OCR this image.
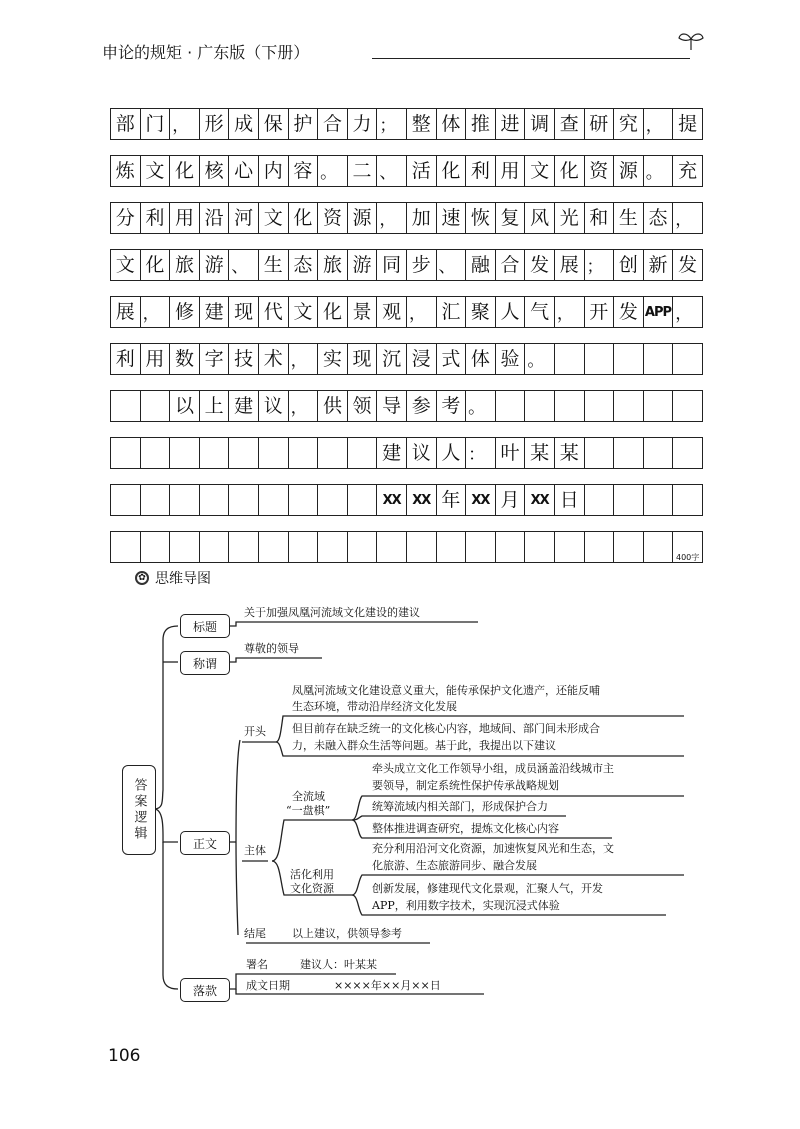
申论的规矩 · 广东版（下册）
部 门 ， 形 成 保 护 合 力 ； 整 体 推 进 调 查 研 究 ， 提
炼 文 化 核 心 内 容 。 二 、 活 化 利 用 文 化 资 源 。 充
分 利 用 沿 河 文 化 资 源 ， 加 速 恢 复 风 光 和 生 态 ，
文 化 旅 游 、 生 态 旅 游 同 步 、 融 合 发 展 ； 创 新 发
展 ， 修 建 现 代 文 化 景 观 ， 汇 聚 人 气 ， 开 发 APP ，
利 用 数 字 技 术 ， 实 现 沉 浸 式 体 验 。
以 上 建 议 ， 供 领 导 参 考 。
建 议 人 ： 叶 某 某
XX XX 年 XX 月 XX 日
400字
✿ 思维导图
答案逻辑
标题
称谓
正文
落款
关于加强凤凰河流域文化建设的建议
尊敬的领导
开头
凤凰河流域文化建设意义重大，能传承保护文化遗产，还能反哺
生态环境，带动沿岸经济文化发展
但目前存在缺乏统一的文化核心内容，地域间、部门间未形成合
力，未融入群众生活等问题。基于此，我提出以下建议
主体
全流域
“一盘棋”
牵头成立文化工作领导小组，成员涵盖沿线城市主
要领导，制定系统性保护传承战略规划
统筹流域内相关部门，形成保护合力
整体推进调查研究，提炼文化核心内容
活化利用
文化资源
充分利用沿河文化资源，加速恢复风光和生态，文
化旅游、生态旅游同步、融合发展
创新发展，修建现代文化景观，汇聚人气，开发
APP，利用数字技术，实现沉浸式体验
结尾 以上建议，供领导参考
署名	建议人：叶某某
成文日期	××××年××月××日
106
